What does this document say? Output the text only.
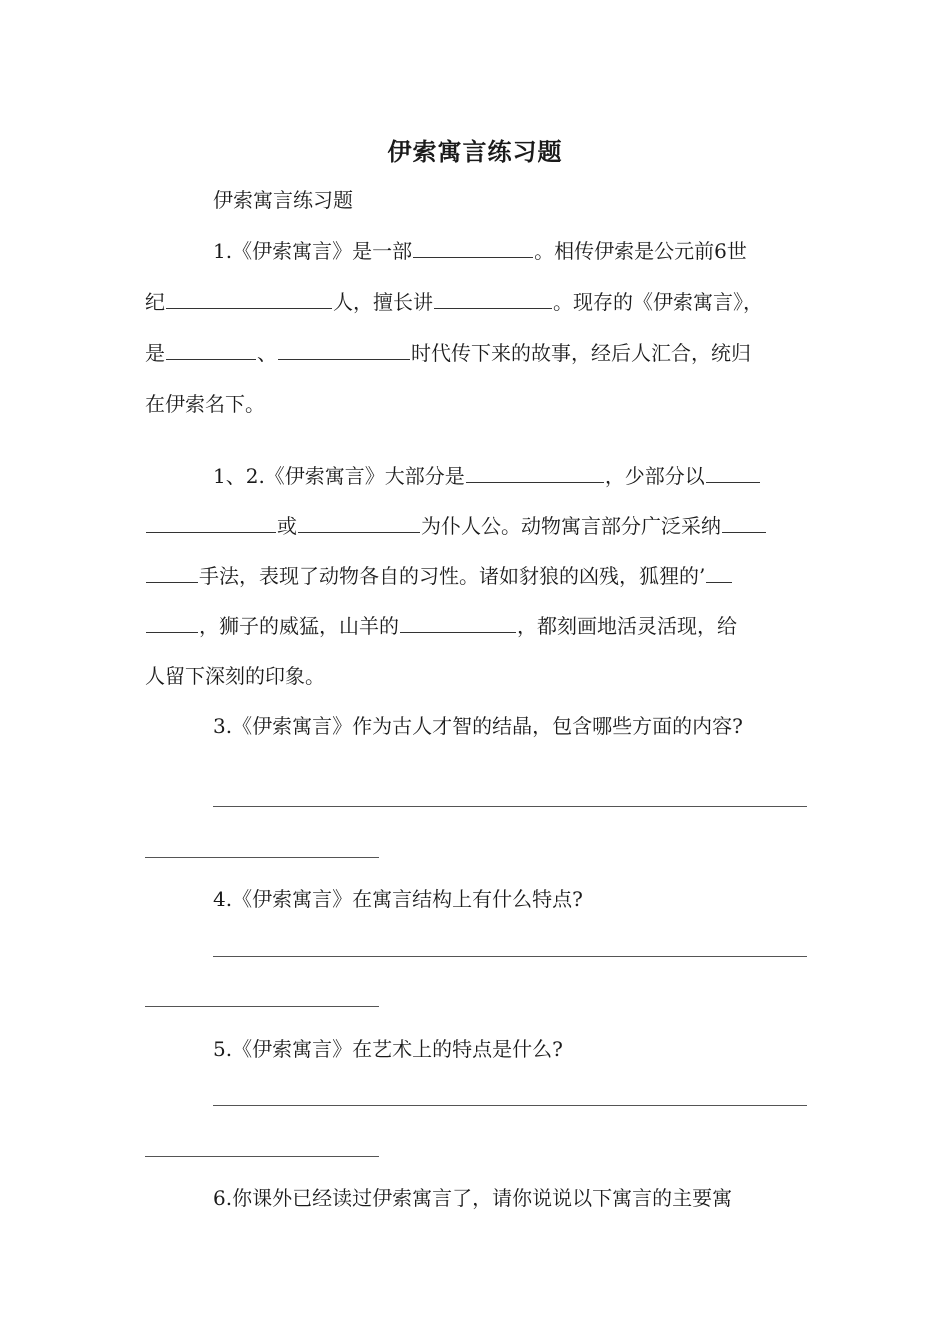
伊索寓言练习题
伊索寓言练习题
1.《伊索寓言》是一部	。相传伊索是公元前6世
纪	人，擅长讲	。现存的《伊索寓言》，
是	、	时代传下来的故事，经后人汇合，统归
在伊索名下。
1、2.《伊索寓言》大部分是	，少部分以
或	为仆人公。动物寓言部分广泛采纳
手法，表现了动物各自的习性。诸如豺狼的凶残，狐狸的’
，狮子的威猛，山羊的	，都刻画地活灵活现，给
人留下深刻的印象。
3.《伊索寓言》作为古人才智的结晶，包含哪些方面的内容?
4.《伊索寓言》在寓言结构上有什么特点?
5.《伊索寓言》在艺术上的特点是什么?
6.你课外已经读过伊索寓言了，请你说说以下寓言的主要寓
